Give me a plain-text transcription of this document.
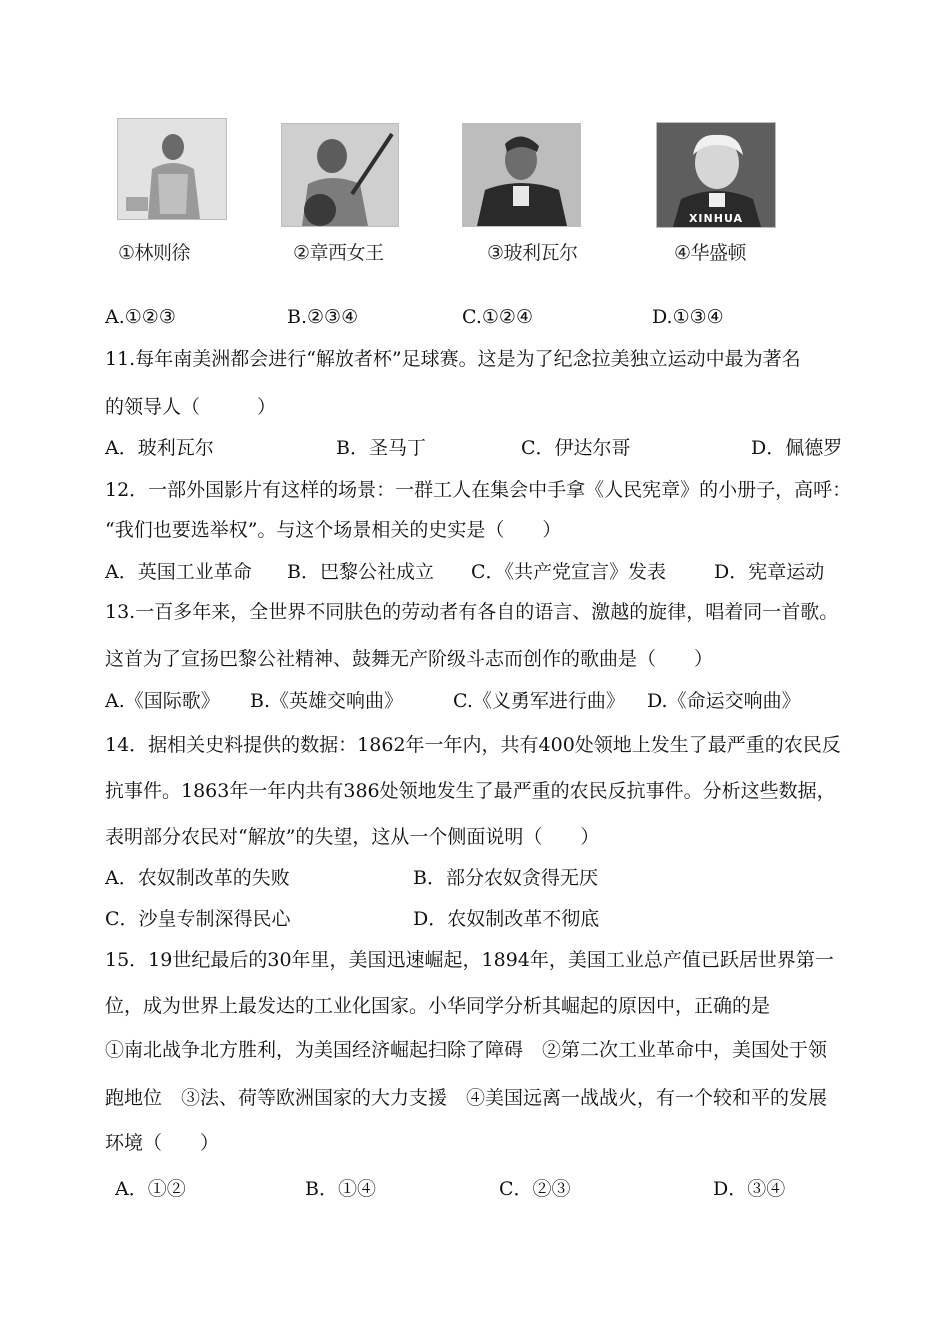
①林则徐	②章西女王	③玻利瓦尔
XINHUA
④华盛顿
A.①②③	B.②③④	C.①②④	D.①③④
11.每年南美洲都会进行“解放者杯”足球赛。这是为了纪念拉美独立运动中最为著名
的领导人（　　　）
A．玻利瓦尔	B．圣马丁	C．伊达尔哥	D．佩德罗
12．一部外国影片有这样的场景：一群工人在集会中手拿《人民宪章》的小册子，高呼：
“我们也要选举权”。与这个场景相关的史实是（　　）
A．英国工业革命 B．巴黎公社成立 C．《共产党宣言》发表	D．宪章运动
13.一百多年来，全世界不同肤色的劳动者有各自的语言、激越的旋律，唱着同一首歌。
这首为了宣扬巴黎公社精神、鼓舞无产阶级斗志而创作的歌曲是（　　）
A.《国际歌》 B.《英雄交响曲》	C.《义勇军进行曲》 D.《命运交响曲》
14．据相关史料提供的数据：1862年一年内，共有400处领地上发生了最严重的农民反
抗事件。1863年一年内共有386处领地发生了最严重的农民反抗事件。分析这些数据，
表明部分农民对“解放”的失望，这从一个侧面说明（　　）
A．农奴制改革的失败	B．部分农奴贪得无厌
C．沙皇专制深得民心	D．农奴制改革不彻底
15．19世纪最后的30年里，美国迅速崛起，1894年，美国工业总产值已跃居世界第一
位，成为世界上最发达的工业化国家。小华同学分析其崛起的原因中，正确的是
①南北战争北方胜利，为美国经济崛起扫除了障碍　②第二次工业革命中，美国处于领
跑地位　③法、荷等欧洲国家的大力支援　④美国远离一战战火，有一个较和平的发展
环境（　　）
A．①②	B．①④	C．②③	D．③④
